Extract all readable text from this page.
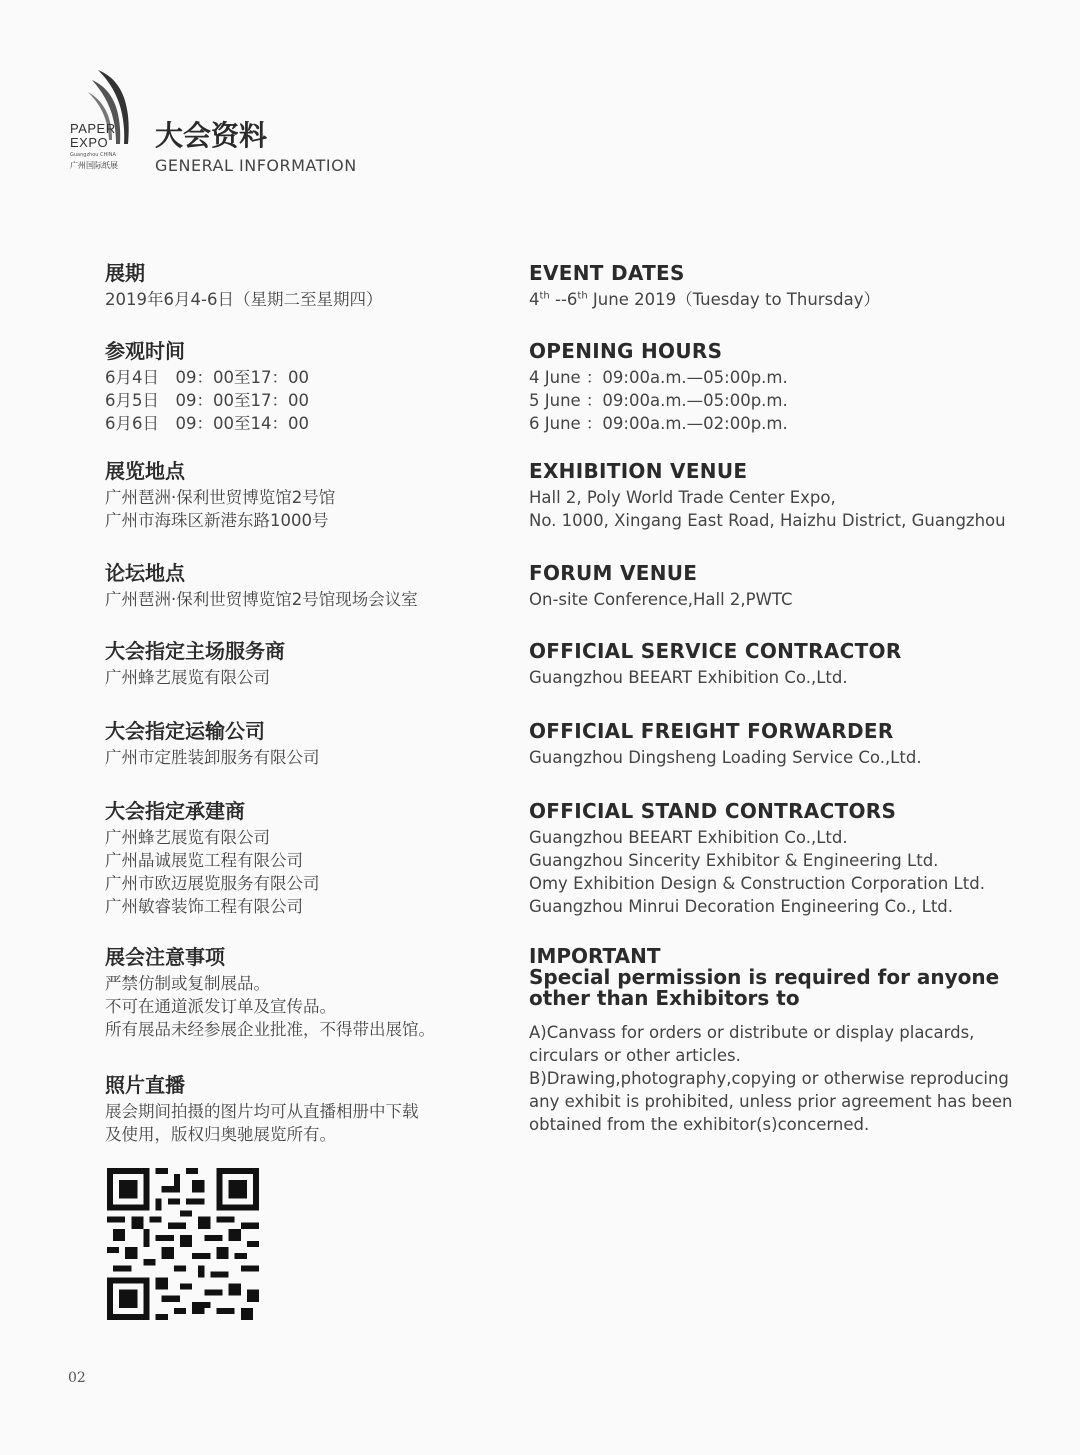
PAPER
EXPO
Guangzhou CHINA
广州国际纸展
大会资料
GENERAL INFORMATION

展期

2019年6月4-6日（星期二至星期四）

参观时间

6月4日　09：00至17：00

6月5日　09：00至17：00

6月6日　09：00至14：00

展览地点

广州琶洲·保利世贸博览馆2号馆

广州市海珠区新港东路1000号

论坛地点

广州琶洲·保利世贸博览馆2号馆现场会议室

大会指定主场服务商

广州蜂艺展览有限公司

大会指定运输公司

广州市定胜装卸服务有限公司

大会指定承建商

广州蜂艺展览有限公司

广州晶诚展览工程有限公司

广州市欧迈展览服务有限公司

广州敏睿装饰工程有限公司

展会注意事项

严禁仿制或复制展品。

不可在通道派发订单及宣传品。

所有展品未经参展企业批准，不得带出展馆。

照片直播

展会期间拍摄的图片均可从直播相册中下载

及使用，版权归奥驰展览所有。

EVENT DATES

4th --6th June 2019（Tuesday to Thursday）

OPENING HOURS

4 June ：09:00a.m.—05:00p.m.

5 June ：09:00a.m.—05:00p.m.

6 June ：09:00a.m.—02:00p.m.

EXHIBITION VENUE

Hall 2, Poly World Trade Center Expo,

No. 1000, Xingang East Road, Haizhu District, Guangzhou

FORUM VENUE

On-site Conference,Hall 2,PWTC

OFFICIAL SERVICE CONTRACTOR

Guangzhou BEEART Exhibition Co.,Ltd.

OFFICIAL FREIGHT FORWARDER

Guangzhou Dingsheng Loading Service Co.,Ltd.

OFFICIAL STAND CONTRACTORS

Guangzhou BEEART Exhibition Co.,Ltd.

Guangzhou Sincerity Exhibitor & Engineering Ltd.

Omy Exhibition Design & Construction Corporation Ltd.

Guangzhou Minrui Decoration Engineering Co., Ltd.

IMPORTANT
Special permission is required for anyone
other than Exhibitors to

A)Canvass for orders or distribute or display placards,

circulars or other articles.

B)Drawing,photography,copying or otherwise reproducing

any exhibit is prohibited, unless prior agreement has been

obtained from the exhibitor(s)concerned.

02
